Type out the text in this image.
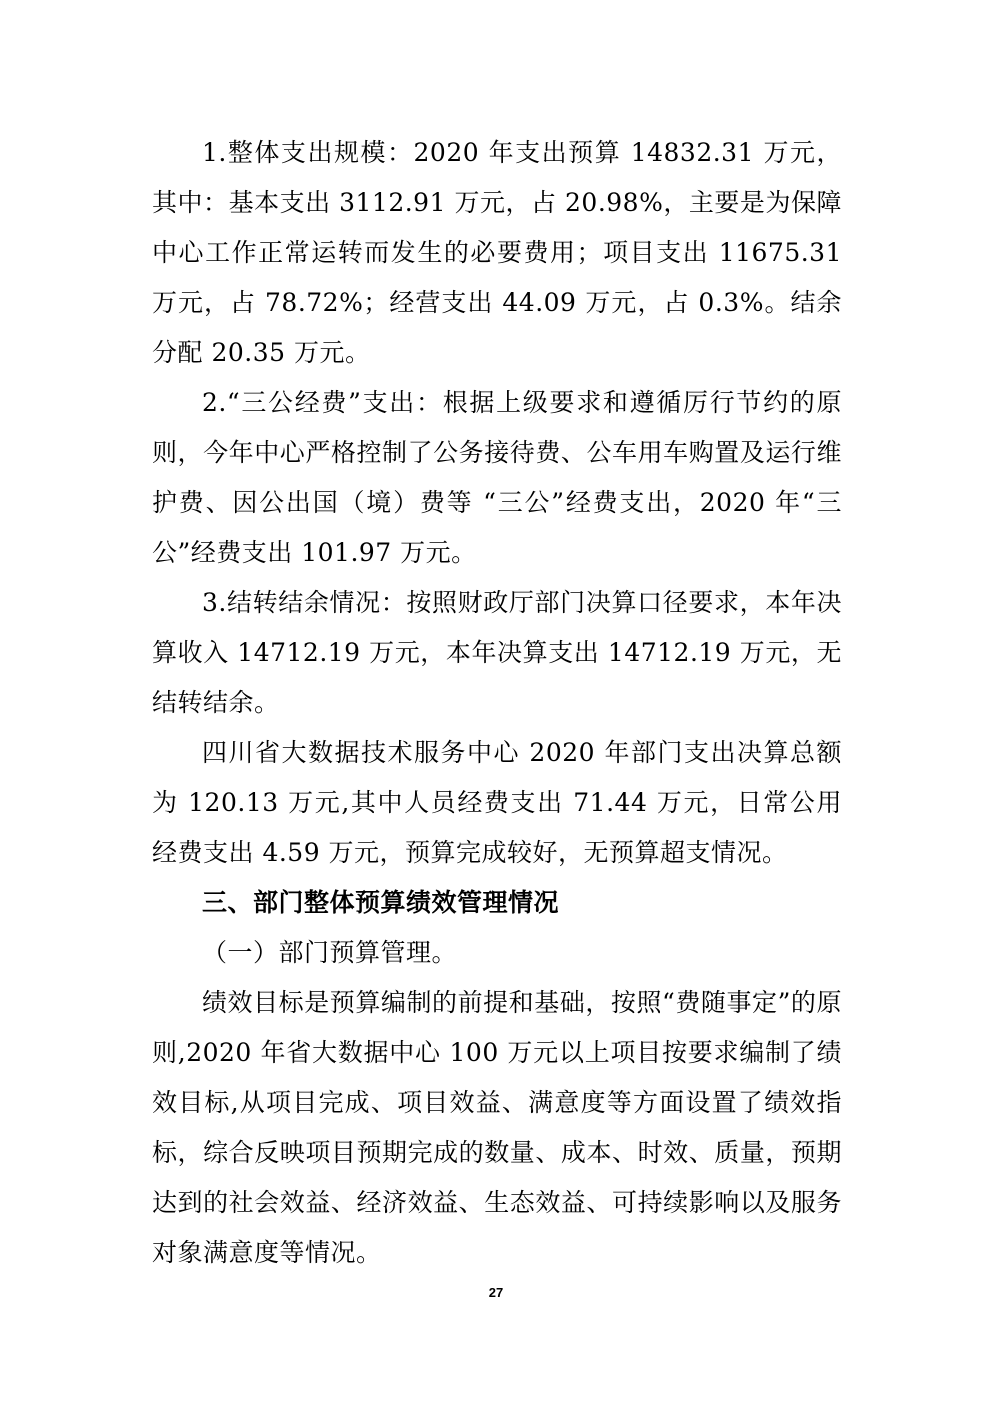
1.整体支出规模：2020 年支出预算 14832.31 万元，其中：基本支出 3112.91 万元，占 20.98%，主要是为保障中心工作正常运转而发生的必要费用；项目支出 11675.31 万元，占 78.72%；经营支出 44.09 万元，占 0.3%。结余分配 20.35 万元。

2.“三公经费”支出：根据上级要求和遵循厉行节约的原则，今年中心严格控制了公务接待费、公车用车购置及运行维护费、因公出国（境）费等 “三公”经费支出，2020 年“三公”经费支出 101.97 万元。

3.结转结余情况：按照财政厅部门决算口径要求，本年决算收入 14712.19 万元，本年决算支出 14712.19 万元，无结转结余。

四川省大数据技术服务中心 2020 年部门支出决算总额为 120.13 万元,其中人员经费支出 71.44 万元，日常公用经费支出 4.59 万元，预算完成较好，无预算超支情况。

三、部门整体预算绩效管理情况

（一）部门预算管理。

绩效目标是预算编制的前提和基础，按照“费随事定”的原则,2020 年省大数据中心 100 万元以上项目按要求编制了绩效目标,从项目完成、项目效益、满意度等方面设置了绩效指标，综合反映项目预期完成的数量、成本、时效、质量，预期达到的社会效益、经济效益、生态效益、可持续影响以及服务对象满意度等情况。

27
